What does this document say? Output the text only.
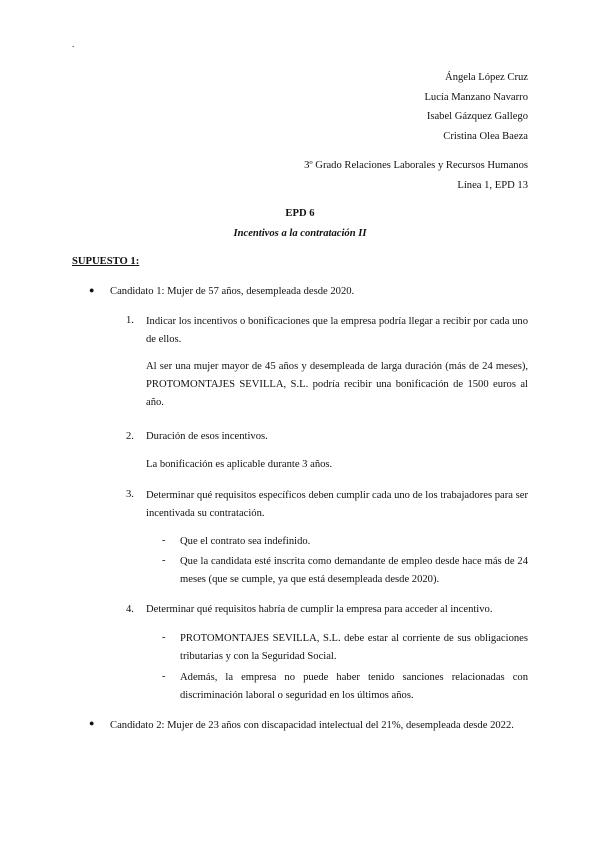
.
Ángela López Cruz
Lucía Manzano Navarro
Isabel Gázquez Gallego
Cristina Olea Baeza
3º Grado Relaciones Laborales y Recursos Humanos
Línea 1, EPD 13
EPD 6
Incentivos a la contratación II
SUPUESTO 1:
● Candidato 1: Mujer de 57 años, desempleada desde 2020.
1. Indicar los incentivos o bonificaciones que la empresa podría llegar a recibir por cada uno de ellos.
Al ser una mujer mayor de 45 años y desempleada de larga duración (más de 24 meses), PROTOMONTAJES SEVILLA, S.L. podría recibir una bonificación de 1500 euros al año.
2. Duración de esos incentivos.
La bonificación es aplicable durante 3 años.
3. Determinar qué requisitos específicos deben cumplir cada uno de los trabajadores para ser incentivada su contratación.
- Que el contrato sea indefinido.
- Que la candidata esté inscrita como demandante de empleo desde hace más de 24 meses (que se cumple, ya que está desempleada desde 2020).
4. Determinar qué requisitos habría de cumplir la empresa para acceder al incentivo.
- PROTOMONTAJES SEVILLA, S.L. debe estar al corriente de sus obligaciones tributarias y con la Seguridad Social.
- Además, la empresa no puede haber tenido sanciones relacionadas con discriminación laboral o seguridad en los últimos años.
● Candidato 2: Mujer de 23 años con discapacidad intelectual del 21%, desempleada desde 2022.
